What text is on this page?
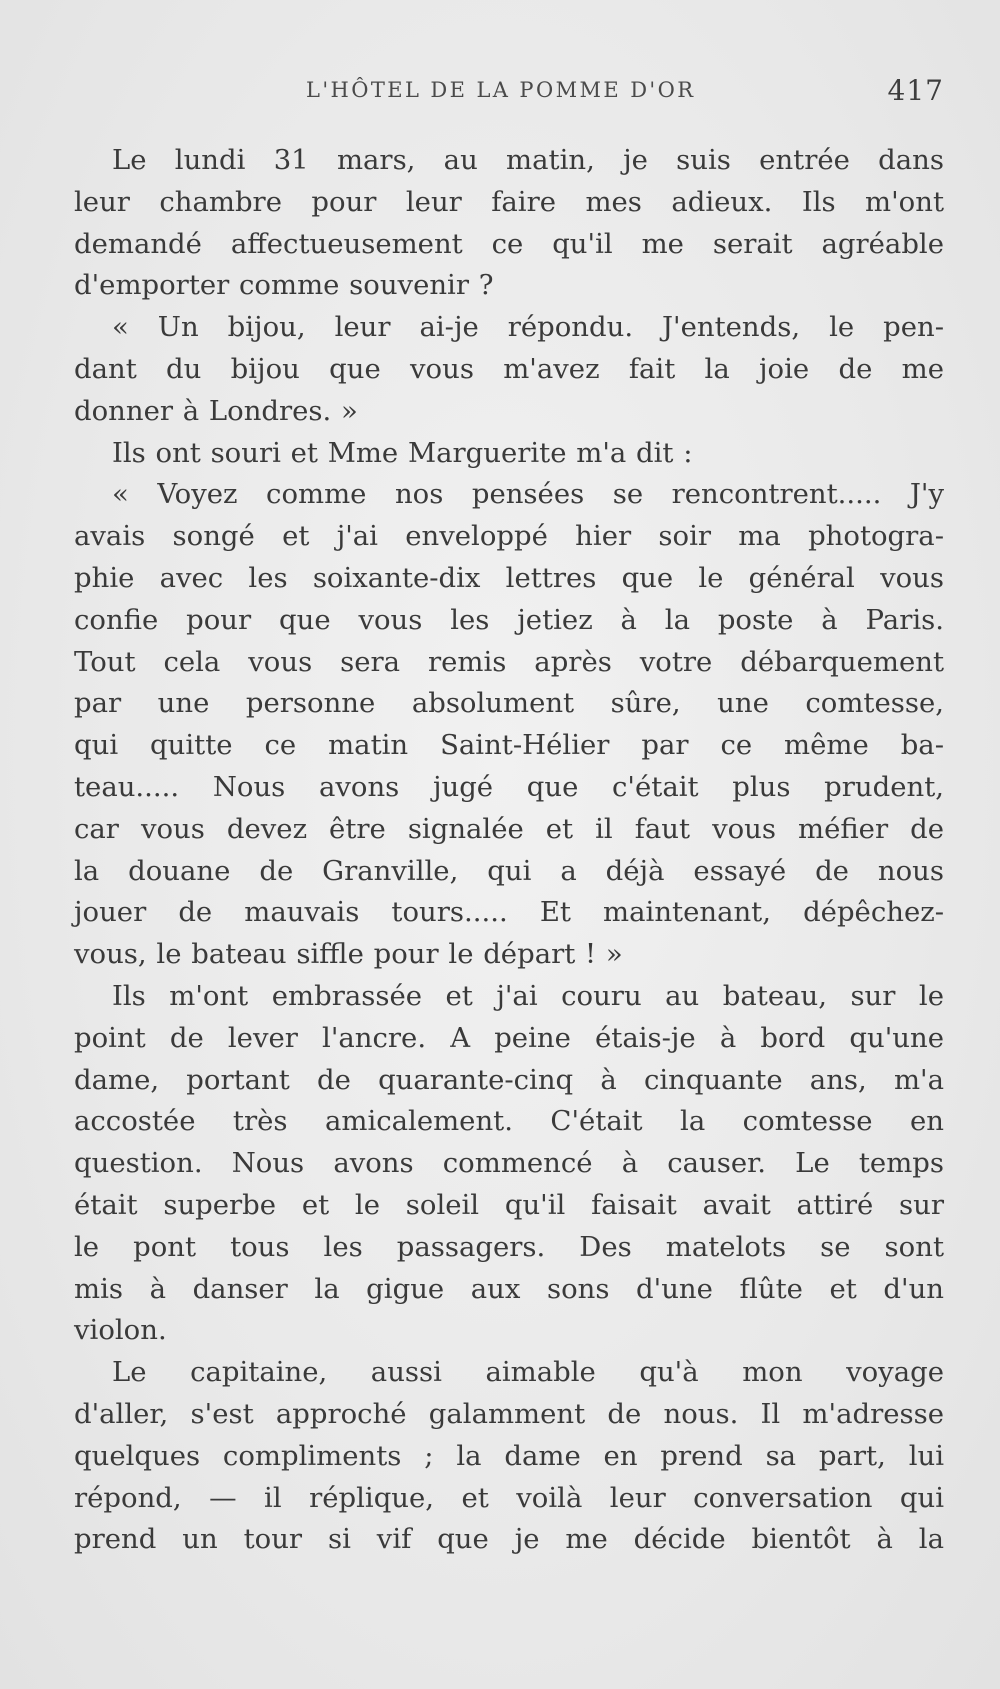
L'HÔTEL DE LA POMME D'OR	417
Le lundi 31 mars, au matin, je suis entrée dans
leur chambre pour leur faire mes adieux. Ils m'ont
demandé affectueusement ce qu'il me serait agréable
d'emporter comme souvenir ?
« Un bijou, leur ai-je répondu. J'entends, le pen-
dant du bijou que vous m'avez fait la joie de me
donner à Londres. »
Ils ont souri et Mme Marguerite m'a dit :
« Voyez comme nos pensées se rencontrent..... J'y
avais songé et j'ai enveloppé hier soir ma photogra-
phie avec les soixante-dix lettres que le général vous
confie pour que vous les jetiez à la poste à Paris.
Tout cela vous sera remis après votre débarquement
par une personne absolument sûre, une comtesse,
qui quitte ce matin Saint-Hélier par ce même ba-
teau..... Nous avons jugé que c'était plus prudent,
car vous devez être signalée et il faut vous méfier de
la douane de Granville, qui a déjà essayé de nous
jouer de mauvais tours..... Et maintenant, dépêchez-
vous, le bateau siffle pour le départ ! »
Ils m'ont embrassée et j'ai couru au bateau, sur le
point de lever l'ancre. A peine étais-je à bord qu'une
dame, portant de quarante-cinq à cinquante ans, m'a
accostée très amicalement. C'était la comtesse en
question. Nous avons commencé à causer. Le temps
était superbe et le soleil qu'il faisait avait attiré sur
le pont tous les passagers. Des matelots se sont
mis à danser la gigue aux sons d'une flûte et d'un
violon.
Le capitaine, aussi aimable qu'à mon voyage
d'aller, s'est approché galamment de nous. Il m'adresse
quelques compliments ; la dame en prend sa part, lui
répond, — il réplique, et voilà leur conversation qui
prend un tour si vif que je me décide bientôt à la
